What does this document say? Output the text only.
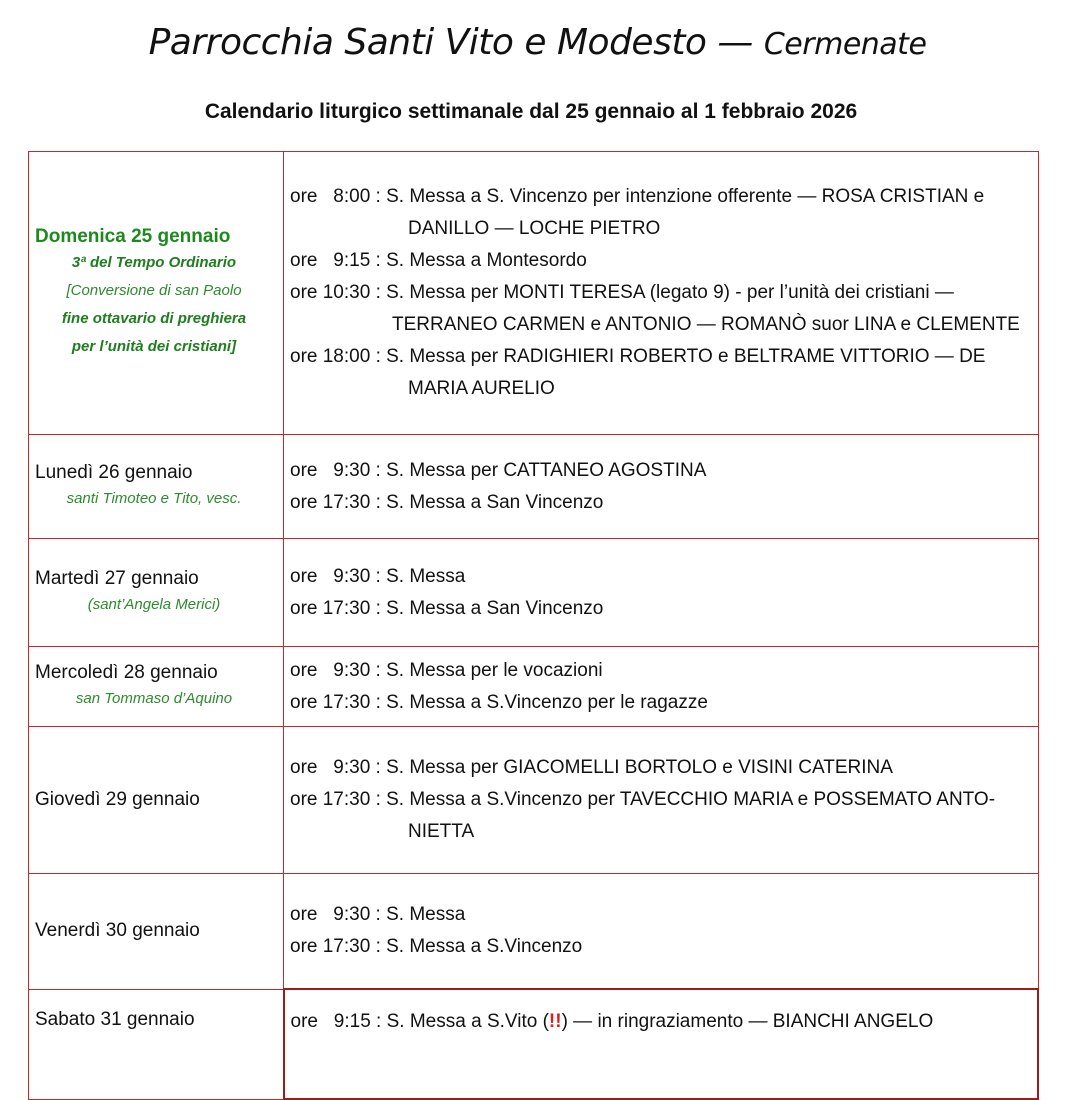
Parrocchia Santi Vito e Modesto — Cermenate
Calendario liturgico settimanale dal 25 gennaio al 1 febbraio 2026
Domenica 25 gennaio
3ª del Tempo Ordinario
[Conversione di san Paolo
fine ottavario di preghiera
per l’unità dei cristiani]

ore   8:00 : S. Messa a S. Vincenzo per intenzione offerente — ROSA CRISTIAN e
DANILLO — LOCHE PIETRO
ore   9:15 : S. Messa a Montesordo
ore 10:30 : S. Messa per MONTI TERESA (legato 9) - per l’unità dei cristiani —
TERRANEO CARMEN e ANTONIO — ROMANÒ suor LINA e CLEMENTE
ore 18:00 : S. Messa per RADIGHIERI ROBERTO e BELTRAME VITTORIO — DE
MARIA AURELIO

Lunedì 26 gennaio
santi Timoteo e Tito, vesc.

ore   9:30 : S. Messa per CATTANEO AGOSTINA
ore 17:30 : S. Messa a San Vincenzo

Martedì 27 gennaio
(sant’Angela Merici)

ore   9:30 : S. Messa
ore 17:30 : S. Messa a San Vincenzo

Mercoledì 28 gennaio
san Tommaso d’Aquino

ore   9:30 : S. Messa per le vocazioni
ore 17:30 : S. Messa a S.Vincenzo per le ragazze

Giovedì 29 gennaio	ore   9:30 : S. Messa per GIACOMELLI BORTOLO e VISINI CATERINA
ore 17:30 : S. Messa a S.Vincenzo per TAVECCHIO MARIA e POSSEMATO ANTO-
NIETTA

Venerdì 30 gennaio	ore   9:30 : S. Messa
ore 17:30 : S. Messa a S.Vincenzo

Sabato 31 gennaio	ore   9:15 : S. Messa a S.Vito (!!) — in ringraziamento — BIANCHI ANGELO
